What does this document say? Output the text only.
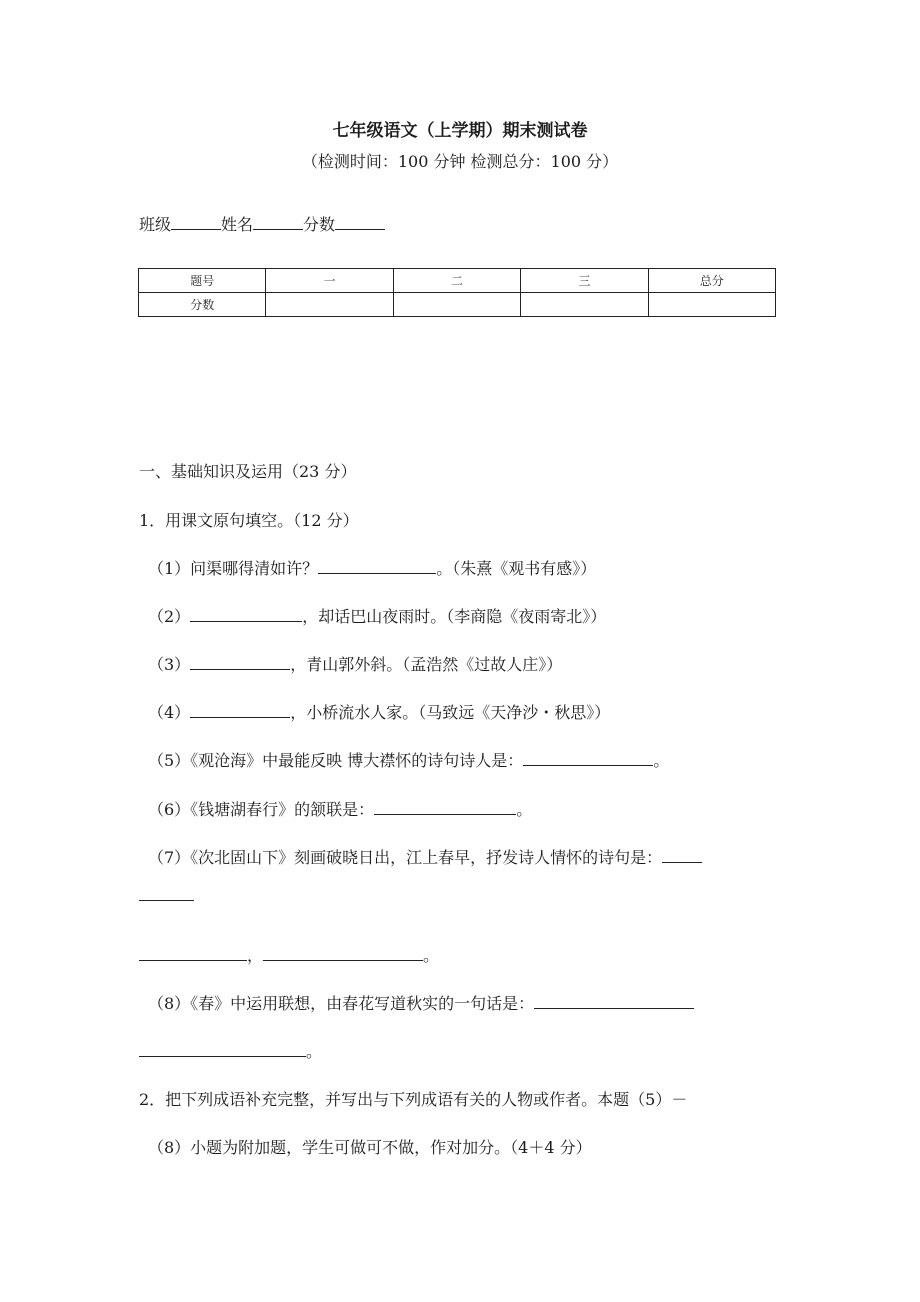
七年级语文（上学期）期末测试卷
（检测时间：100 分钟 检测总分：100 分）
班级	姓名	分数
题号	一	二	三	总分
分数				
一、基础知识及运用（23 分）
1．用课文原句填空。（12 分）
（1）问渠哪得清如许？	。（朱熹《观书有感》）
（2）	，却话巴山夜雨时。（李商隐《夜雨寄北》）
（3）	，青山郭外斜。（孟浩然《过故人庄》）
（4）	，小桥流水人家。（马致远《天净沙・秋思》）
（5）《观沧海》中最能反映 博大襟怀的诗句诗人是：	。
（6）《钱塘湖春行》的颔联是：	。
（7）《次北固山下》刻画破晓日出，江上春早，抒发诗人情怀的诗句是：
，	。
（8）《春》中运用联想，由春花写道秋实的一句话是：
。
2．把下列成语补充完整，并写出与下列成语有关的人物或作者。本题（5）－
（8）小题为附加题，学生可做可不做，作对加分。（4＋4 分）
